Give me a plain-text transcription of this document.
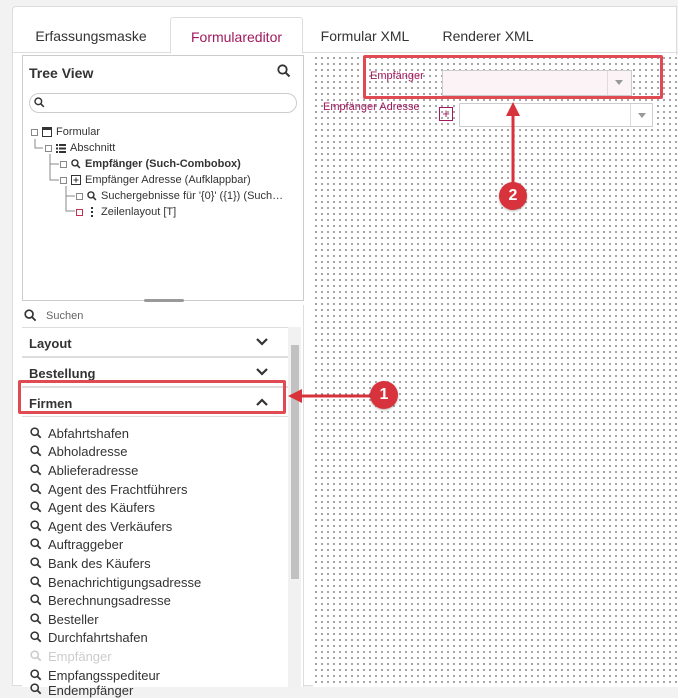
Erfassungsmaske	Formulareditor	Formular XML	Renderer XML
Tree View
Formular
Abschnitt
Empfänger (Such-Combobox)
Empfänger Adresse (Aufklappbar)
Suchergebnisse für '{0}' ({1}) (Such…
Zeilenlayout [T]
Suchen
Layout
Bestellung
Firmen
Abfahrtshafen
Abholadresse
Ablieferadresse
Agent des Frachtführers
Agent des Käufers
Agent des Verkäufers
Auftraggeber
Bank des Käufers
Benachrichtigungsadresse
Berechnungsadresse
Besteller
Durchfahrtshafen
Empfänger
Empfangsspediteur
Endempfänger
Empfänger
Empfänger Adresse +
1
2
